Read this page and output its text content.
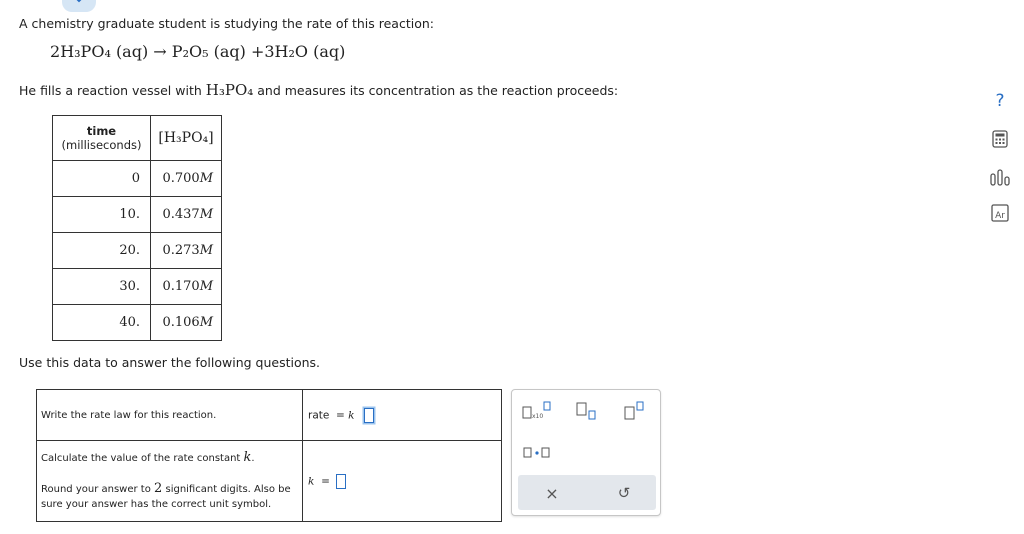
A chemistry graduate student is studying the rate of this reaction:
2H₃PO₄ (aq) → P₂O₅ (aq) +3H₂O (aq)
He fills a reaction vessel with H₃PO₄ and measures its concentration as the reaction proceeds:
time
(milliseconds)	[H₃PO₄]
0	0.700M
10.	0.437M
20.	0.273M
30.	0.170M
40.	0.106M
Use this data to answer the following questions.
Write the rate law for this reaction.	rate = k
Calculate the value of the rate constant k.

Round your answer to 2 significant digits. Also be sure your answer has the correct unit symbol.	k =
x10
×	↺
?
Ar
